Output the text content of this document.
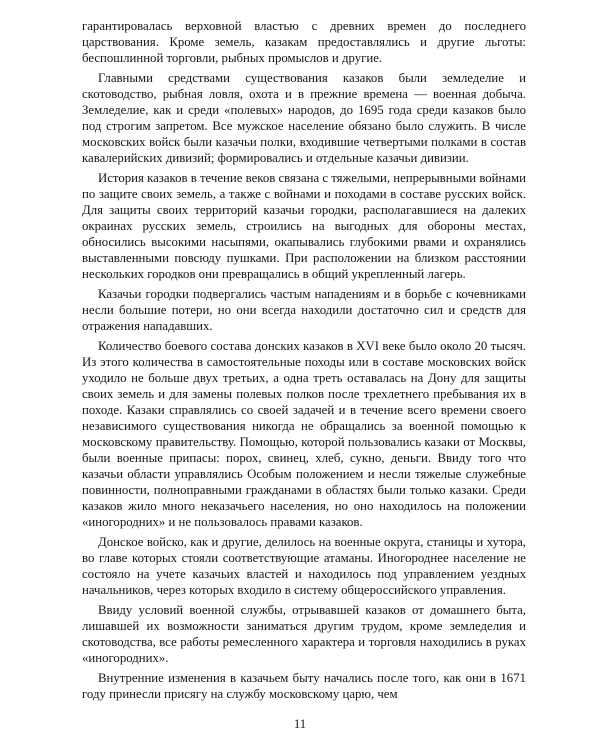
гарантировалась верховной властью с древних времен до последнего царствования. Кроме земель, казакам предоставлялись и другие льготы: беспошлинной торговли, рыбных промыслов и другие.

Главными средствами существования казаков были земледелие и скотоводство, рыбная ловля, охота и в прежние времена — военная добыча. Земледелие, как и среди «полевых» народов, до 1695 года среди казаков было под строгим запретом. Все мужское население обязано было служить. В числе московских войск были казачьи полки, входившие четвертыми полками в состав кавалерийских дивизий; формировались и отдельные казачьи дивизии.

История казаков в течение веков связана с тяжелыми, непрерывными войнами по защите своих земель, а также с войнами и походами в составе русских войск. Для защиты своих территорий казачьи городки, располагавшиеся на далеких окраинах русских земель, строились на выгодных для обороны местах, обносились высокими насыпями, окапывались глубокими рвами и охранялись выставленными повсюду пушками. При расположении на близком расстоянии нескольких городков они превращались в общий укрепленный лагерь.

Казачьи городки подвергались частым нападениям и в борьбе с кочевниками несли большие потери, но они всегда находили достаточно сил и средств для отражения нападавших.

Количество боевого состава донских казаков в XVI веке было около 20 тысяч. Из этого количества в самостоятельные походы или в составе московских войск уходило не больше двух третьих, а одна треть оставалась на Дону для защиты своих земель и для замены полевых полков после трехлетнего пребывания их в походе. Казаки справлялись со своей задачей и в течение всего времени своего независимого существования никогда не обращались за военной помощью к московскому правительству. Помощью, которой пользовались казаки от Москвы, были военные припасы: порох, свинец, хлеб, сукно, деньги. Ввиду того что казачьи области управлялись Особым положением и несли тяжелые служебные повинности, полноправными гражданами в областях были только казаки. Среди казаков жило много неказачьего населения, но оно находилось на положении «иногородних» и не пользовалось правами казаков.

Донское войско, как и другие, делилось на военные округа, станицы и хутора, во главе которых стояли соответствующие атаманы. Иногороднее население не состояло на учете казачьих властей и находилось под управлением уездных начальников, через которых входило в систему общероссийского управления.

Ввиду условий военной службы, отрывавшей казаков от домашнего быта, лишавшей их возможности заниматься другим трудом, кроме земледелия и скотоводства, все работы ремесленного характера и торговля находились в руках «иногородних».

Внутренние изменения в казачьем быту начались после того, как они в 1671 году принесли присягу на службу московскому царю, чем

11
